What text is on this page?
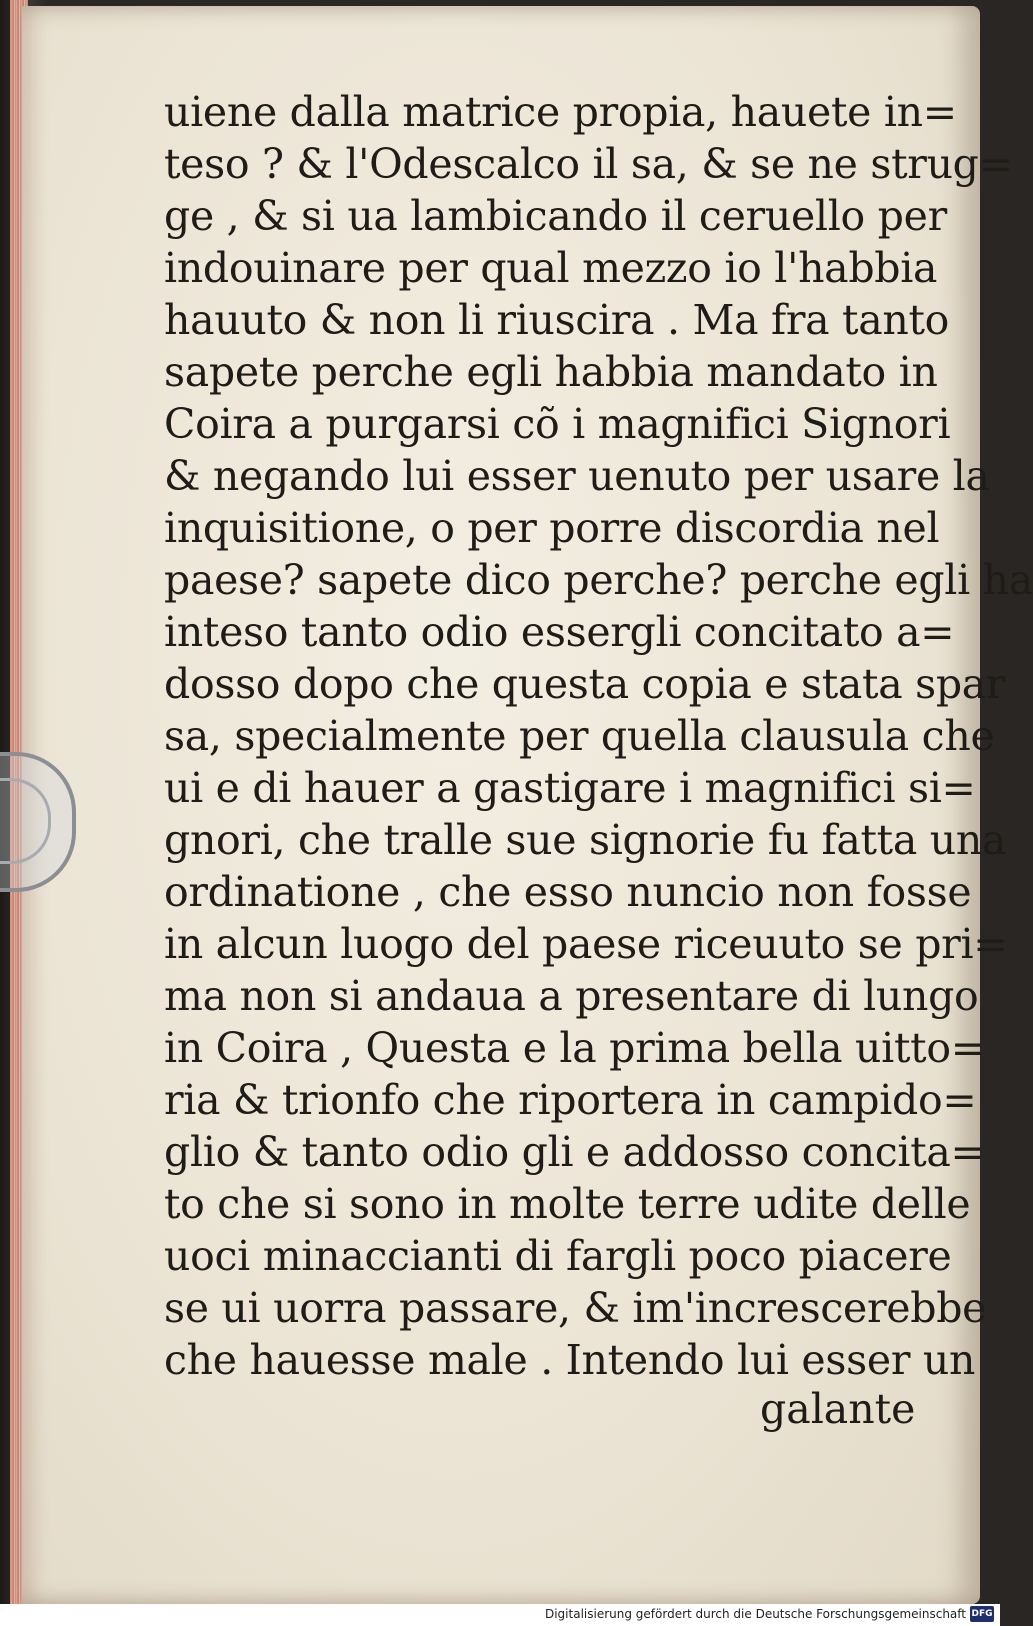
uiene dalla matrice propia, hauete in=
teso ? & l'Odescalco il sa, & se ne strug=
ge , & si ua lambicando il ceruello per
indouinare per qual mezzo io l'habbia
hauuto & non li riuscira . Ma fra tanto
sapete perche egli habbia mandato in
Coira a purgarsi cõ i magnifici Signori
& negando lui esser uenuto per usare la
inquisitione, o per porre discordia nel
paese? sapete dico perche? perche egli ha
inteso tanto odio essergli concitato a=
dosso dopo che questa copia e stata spar
sa, specialmente per quella clausula che
ui e di hauer a gastigare i magnifici si=
gnori, che tralle sue signorie fu fatta una
ordinatione , che esso nuncio non fosse
in alcun luogo del paese riceuuto se pri=
ma non si andaua a presentare di lungo
in Coira , Questa e la prima bella uitto=
ria & trionfo che riportera in campido=
glio & tanto odio gli e addosso concita=
to che si sono in molte terre udite delle
uoci minaccianti di fargli poco piacere
se ui uorra passare, & im'increscerebbe
che hauesse male . Intendo lui esser un
galante
Digitalisierung gefördert durch die Deutsche Forschungsgemeinschaft DFG
